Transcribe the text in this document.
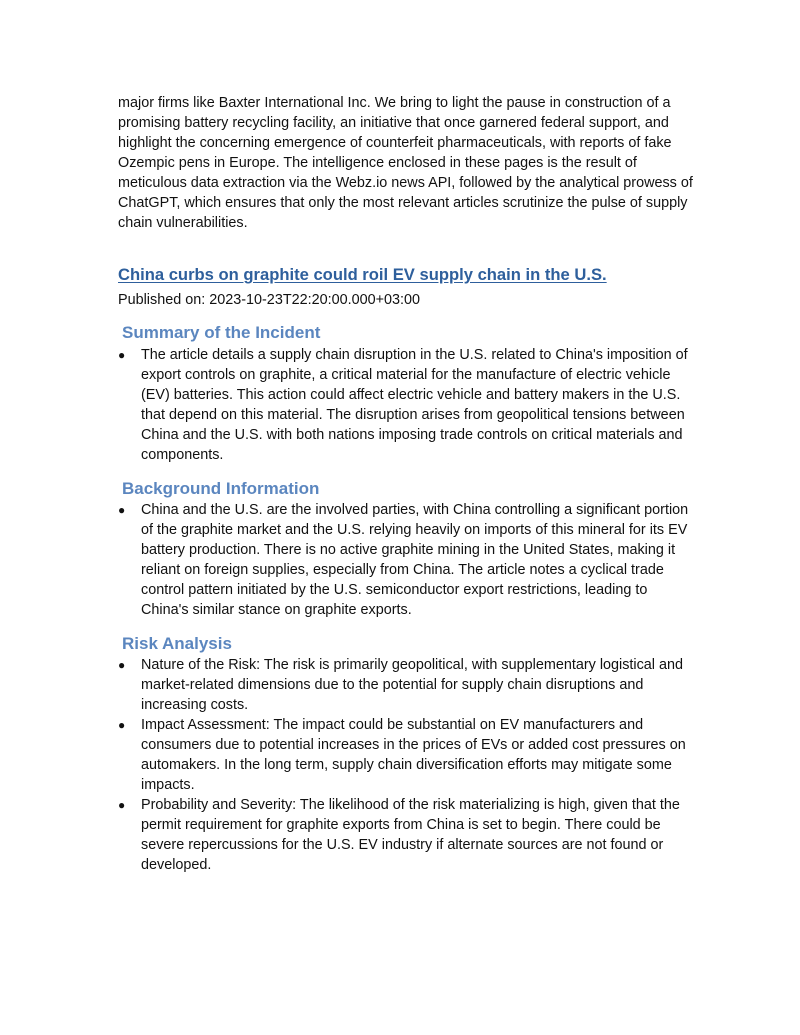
major firms like Baxter International Inc. We bring to light the pause in construction of a promising battery recycling facility, an initiative that once garnered federal support, and highlight the concerning emergence of counterfeit pharmaceuticals, with reports of fake Ozempic pens in Europe. The intelligence enclosed in these pages is the result of meticulous data extraction via the Webz.io news API, followed by the analytical prowess of ChatGPT, which ensures that only the most relevant articles scrutinize the pulse of supply chain vulnerabilities.

China curbs on graphite could roil EV supply chain in the U.S.

Published on: 2023-10-23T22:20:00.000+03:00

Summary of the Incident
●	The article details a supply chain disruption in the U.S. related to China's imposition of export controls on graphite, a critical material for the manufacture of electric vehicle (EV) batteries. This action could affect electric vehicle and battery makers in the U.S. that depend on this material. The disruption arises from geopolitical tensions between China and the U.S. with both nations imposing trade controls on critical materials and components.
Background Information
●	China and the U.S. are the involved parties, with China controlling a significant portion of the graphite market and the U.S. relying heavily on imports of this mineral for its EV battery production. There is no active graphite mining in the United States, making it reliant on foreign supplies, especially from China. The article notes a cyclical trade control pattern initiated by the U.S. semiconductor export restrictions, leading to China's similar stance on graphite exports.
Risk Analysis
●	Nature of the Risk: The risk is primarily geopolitical, with supplementary logistical and market-related dimensions due to the potential for supply chain disruptions and increasing costs.
●	Impact Assessment: The impact could be substantial on EV manufacturers and consumers due to potential increases in the prices of EVs or added cost pressures on automakers. In the long term, supply chain diversification efforts may mitigate some impacts.
●	Probability and Severity: The likelihood of the risk materializing is high, given that the permit requirement for graphite exports from China is set to begin. There could be severe repercussions for the U.S. EV industry if alternate sources are not found or developed.
